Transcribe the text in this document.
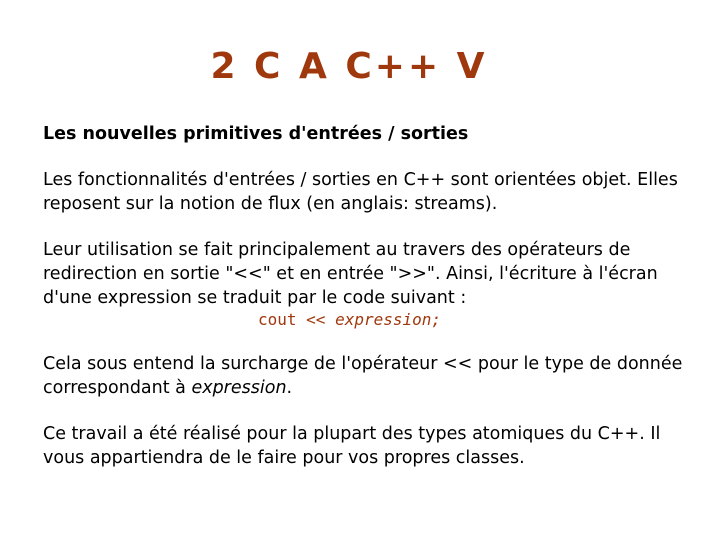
2 C A C++ V

Les nouvelles primitives d'entrées / sorties

Les fonctionnalités d'entrées / sorties en C++ sont orientées objet. Elles reposent sur la notion de flux (en anglais: streams).

Leur utilisation se fait principalement au travers des opérateurs de redirection en sortie "<<" et en entrée ">>". Ainsi, l'écriture à l'écran d'une expression se traduit par le code suivant :
cout << expression;

Cela sous entend la surcharge de l'opérateur << pour le type de donnée correspondant à expression.

Ce travail a été réalisé pour la plupart des types atomiques du C++. Il vous appartiendra de le faire pour vos propres classes.
